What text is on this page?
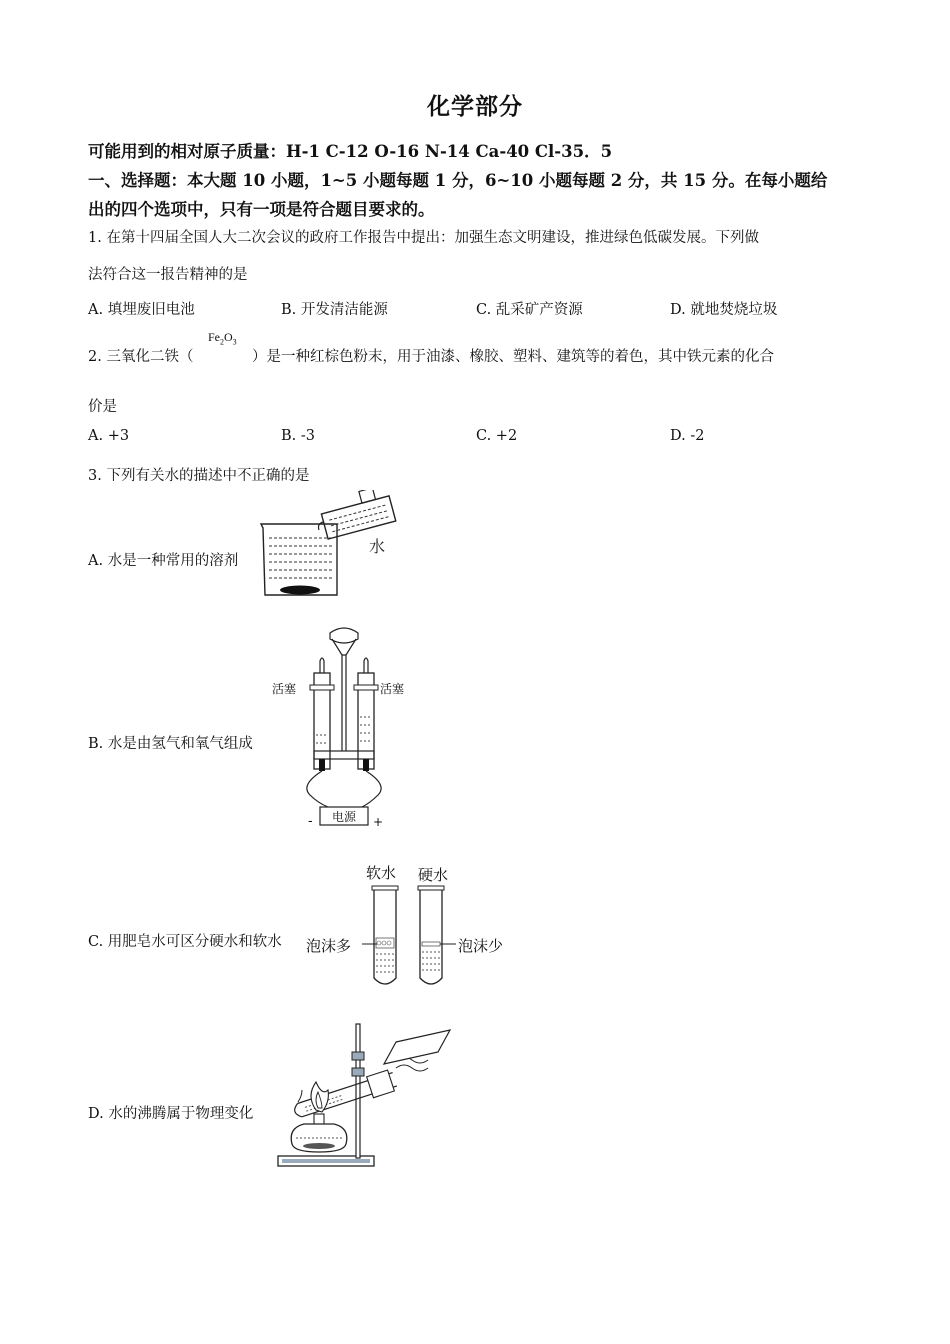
化学部分
可能用到的相对原子质量：H-1 C-12 O-16 N-14 Ca-40 Cl-35．5
一、选择题：本大题 10 小题，1~5 小题每题 1 分，6~10 小题每题 2 分，共 15 分。在每小题给
出的四个选项中，只有一项是符合题目要求的。
1. 在第十四届全国人大二次会议的政府工作报告中提出：加强生态文明建设，推进绿色低碳发展。下列做
法符合这一报告精神的是
A. 填埋废旧电池	B. 开发清洁能源	C. 乱采矿产资源	D. 就地焚烧垃圾
2. 三氧化二铁（
$Fe_2O_3$
）是一种红棕色粉末，用于油漆、橡胶、塑料、建筑等的着色，其中铁元素的化合
价是
A. +3	B. -3	C. +2	D. -2
3. 下列有关水的描述中不正确的是
A. 水是一种常用的溶剂
水
B. 水是由氢气和氧气组成
电源
-	+
活塞	活塞
C. 用肥皂水可区分硬水和软水
软水 硬水
泡沫多	泡沫少
D. 水的沸腾属于物理变化
